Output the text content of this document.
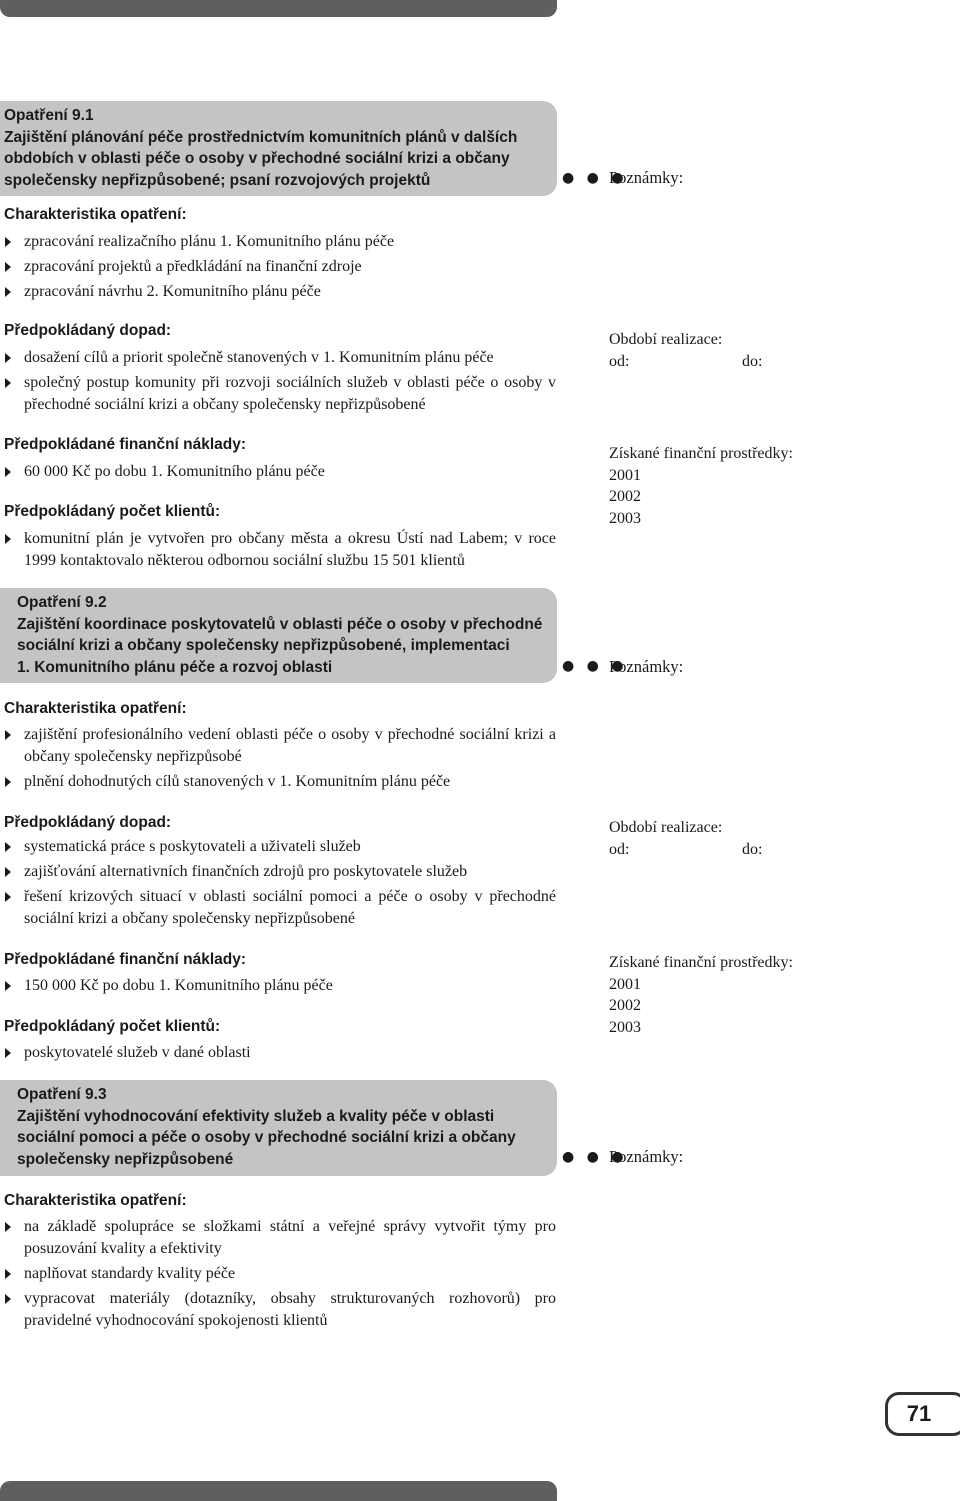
Opatření 9.1
Zajištění plánování péče prostřednictvím komunitních plánů v dalších
obdobích v oblasti péče o osoby v přechodné sociální krizi a občany
společensky nepřizpůsobené; psaní rozvojových projektů	● ● ●
Poznámky:
Charakteristika opatření:
zpracování realizačního plánu 1. Komunitního plánu péče
zpracování projektů a předkládání na finanční zdroje
zpracování návrhu 2. Komunitního plánu péče
Předpokládaný dopad:
dosažení cílů a priorit společně stanovených v 1. Komunitním plánu péče
společný postup komunity při rozvoji sociálních služeb v oblasti péče o osoby v přechodné sociální krizi a občany společensky nepřizpůsobené
Předpokládané finanční náklady:
60 000 Kč po dobu 1. Komunitního plánu péče
Předpokládaný počet klientů:
komunitní plán je vytvořen pro občany města a okresu Ústí nad Labem; v roce 1999 kontaktovalo některou odbornou sociální službu 15 501 klientů
Období realizace:
od:	do:
Získané finanční prostředky:
2001
2002
2003
Opatření 9.2
Zajištění koordinace poskytovatelů v oblasti péče o osoby v přechodné
sociální krizi a občany společensky nepřizpůsobené, implementaci
1. Komunitního plánu péče a rozvoj oblasti	● ● ●
Poznámky:
Charakteristika opatření:
zajištění profesionálního vedení oblasti péče o osoby v přechodné sociální krizi a občany společensky nepřizpůsobé
plnění dohodnutých cílů stanovených v 1. Komunitním plánu péče
Předpokládaný dopad:
systematická práce s poskytovateli a uživateli služeb
zajišťování alternativních finančních zdrojů pro poskytovatele služeb
řešení krizových situací v oblasti sociální pomoci a péče o osoby v přechodné sociální krizi a občany společensky nepřizpůsobené
Předpokládané finanční náklady:
150 000 Kč po dobu 1. Komunitního plánu péče
Předpokládaný počet klientů:
poskytovatelé služeb v dané oblasti
Období realizace:
od:	do:
Získané finanční prostředky:
2001
2002
2003
Opatření 9.3
Zajištění vyhodnocování efektivity služeb a kvality péče v oblasti
sociální pomoci a péče o osoby v přechodné sociální krizi a občany
společensky nepřizpůsobené	● ● ●
Poznámky:
Charakteristika opatření:
na základě spolupráce se složkami státní a veřejné správy vytvořit týmy pro posuzování kvality a efektivity
naplňovat standardy kvality péče
vypracovat materiály (dotazníky, obsahy strukturovaných rozhovorů) pro pravidelné vyhodnocování spokojenosti klientů
71
